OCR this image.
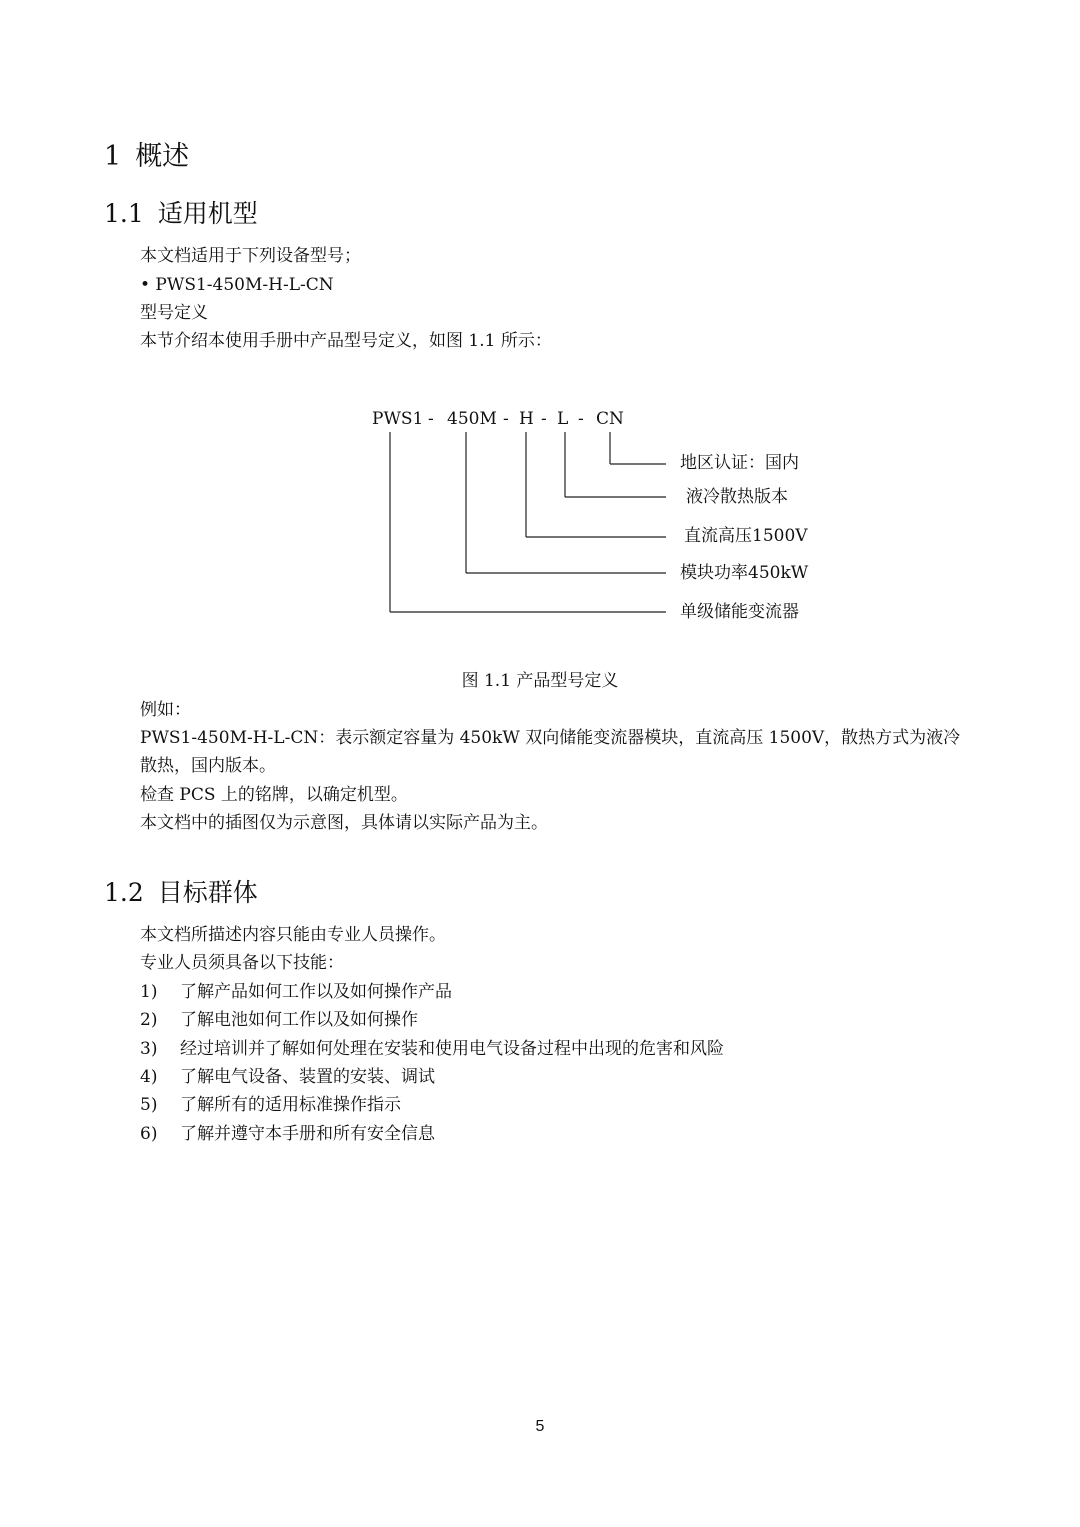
1 概述
1.1 适用机型
本文档适用于下列设备型号；
• PWS1-450M-H-L-CN
型号定义
本节介绍本使用手册中产品型号定义，如图 1.1 所示：
PWS1 - 450M - H - L - CN
地区认证：国内
液冷散热版本
直流高压1500V
模块功率450kW
单级储能变流器
图 1.1 产品型号定义
例如：
PWS1-450M-H-L-CN：表示额定容量为 450kW 双向储能变流器模块，直流高压 1500V，散热方式为液冷
散热，国内版本。
检查 PCS 上的铭牌，以确定机型。
本文档中的插图仅为示意图，具体请以实际产品为主。
1.2 目标群体
本文档所描述内容只能由专业人员操作。
专业人员须具备以下技能：
1) 了解产品如何工作以及如何操作产品
2) 了解电池如何工作以及如何操作
3) 经过培训并了解如何处理在安装和使用电气设备过程中出现的危害和风险
4) 了解电气设备、装置的安装、调试
5) 了解所有的适用标准操作指示
6) 了解并遵守本手册和所有安全信息
5
